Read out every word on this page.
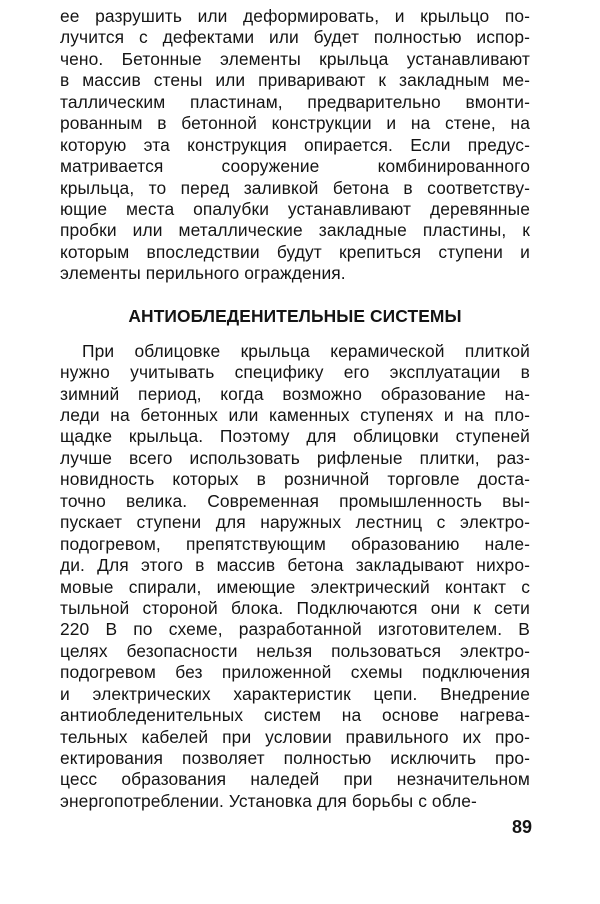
ее разрушить или деформировать, и крыльцо по-
лучится с дефектами или будет полностью испор-
чено. Бетонные элементы крыльца устанавливают
в массив стены или приваривают к закладным ме-
таллическим пластинам, предварительно вмонти-
рованным в бетонной конструкции и на стене, на
которую эта конструкция опирается. Если предус-
матривается сооружение комбинированного
крыльца, то перед заливкой бетона в соответству-
ющие места опалубки устанавливают деревянные
пробки или металлические закладные пластины, к
которым впоследствии будут крепиться ступени и
элементы перильного ограждения.
АНТИОБЛЕДЕНИТЕЛЬНЫЕ СИСТЕМЫ
При облицовке крыльца керамической плиткой
нужно учитывать специфику его эксплуатации в
зимний период, когда возможно образование на-
леди на бетонных или каменных ступенях и на пло-
щадке крыльца. Поэтому для облицовки ступеней
лучше всего использовать рифленые плитки, раз-
новидность которых в розничной торговле доста-
точно велика. Современная промышленность вы-
пускает ступени для наружных лестниц с электро-
подогревом, препятствующим образованию нале-
ди. Для этого в массив бетона закладывают нихро-
мовые спирали, имеющие электрический контакт с
тыльной стороной блока. Подключаются они к сети
220 В по схеме, разработанной изготовителем. В
целях безопасности нельзя пользоваться электро-
подогревом без приложенной схемы подключения
и электрических характеристик цепи. Внедрение
антиобледенительных систем на основе нагрева-
тельных кабелей при условии правильного их про-
ектирования позволяет полностью исключить про-
цесс образования наледей при незначительном
энергопотреблении. Установка для борьбы с обле-
89
